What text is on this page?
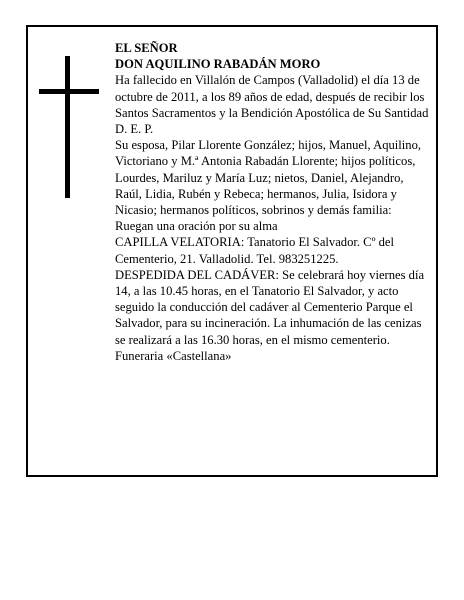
EL SEÑOR

DON AQUILINO RABADÁN MORO

Ha fallecido en Villalón de Campos (Valladolid) el día 13 de octubre de 2011, a los 89 años de edad, después de recibir los Santos Sacramentos y la Bendición Apostólica de Su Santidad

D. E. P.

Su esposa, Pilar Llorente González; hijos, Manuel, Aquilino, Victoriano y M.ª Antonia Rabadán Llorente; hijos políticos, Lourdes, Mariluz y María Luz; nietos, Daniel, Alejandro, Raúl, Lidia, Rubén y Rebeca; hermanos, Julia, Isidora y Nicasio; hermanos políticos, sobrinos y demás familia:

Ruegan una oración por su alma

CAPILLA VELATORIA: Tanatorio El Salvador. Cº del Cementerio, 21. Valladolid. Tel. 983251225.

DESPEDIDA DEL CADÁVER: Se celebrará hoy viernes día 14, a las 10.45 horas, en el Tanatorio El Salvador, y acto seguido la conducción del cadáver al Cementerio Parque el Salvador, para su incineración. La inhumación de las cenizas se realizará a las 16.30 horas, en el mismo cementerio.

Funeraria «Castellana»
